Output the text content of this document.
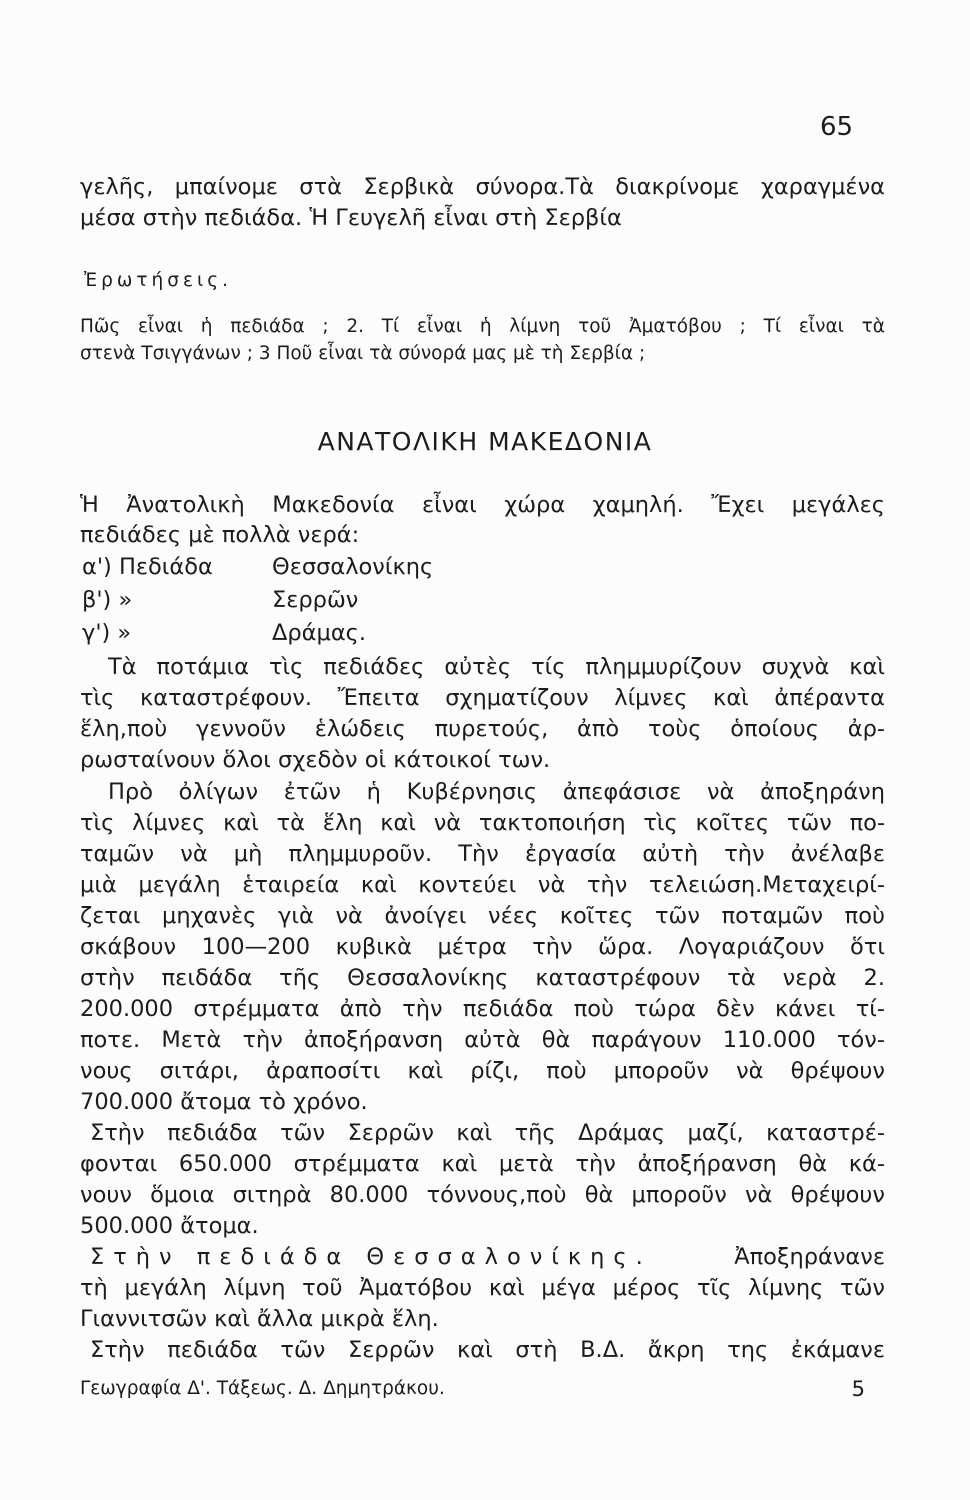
65
γελῆς, μπαίνομε στὰ Σερβικὰ σύνορα.Τὰ διακρίνομε χαραγμένα
μέσα στὴν πεδιάδα. Ἡ Γευγελῆ εἶναι στὴ Σερβία
Ἐρωτήσεις.
Πῶς εἶναι ἡ πεδιάδα ; 2. Τί εἶναι ἡ λίμνη τοῦ Ἀματόβου ; Τί εἶναι τὰ
στενὰ Τσιγγάνων ; 3 Ποῦ εἶναι τὰ σύνορά μας μὲ τὴ Σερβία ;
ΑΝΑΤΟΛΙΚΗ ΜΑΚΕΔΟΝΙΑ
Ἡ Ἀνατολικὴ Μακεδονία εἶναι χώρα χαμηλή. Ἔχει μεγάλες
πεδιάδες μὲ πολλὰ νερά:
α') Πεδιάδα	Θεσσαλονίκης
β') »	Σερρῶν
γ') »	Δράμας.
Τὰ ποτάμια τὶς πεδιάδες αὐτὲς τίς πλημμυρίζουν συχνὰ καὶ
τὶς καταστρέφουν. Ἔπειτα σχηματίζουν λίμνες καὶ ἀπέραντα
ἕλη,ποὺ γεννοῦν ἑλώδεις πυρετούς, ἀπὸ τοὺς ὁποίους ἀρ-
ρωσταίνουν ὅλοι σχεδὸν οἱ κάτοικοί των.
Πρὸ ὀλίγων ἐτῶν ἡ Κυβέρνησις ἀπεφάσισε νὰ ἀποξηράνη
τὶς λίμνες καὶ τὰ ἕλη καὶ νὰ τακτοποιήση τὶς κοῖτες τῶν πο-
ταμῶν νὰ μὴ πλημμυροῦν. Τὴν ἐργασία αὐτὴ τὴν ἀνέλαβε
μιὰ μεγάλη ἑταιρεία καὶ κοντεύει νὰ τὴν τελειώση.Μεταχειρί-
ζεται μηχανὲς γιὰ νὰ ἀνοίγει νέες κοῖτες τῶν ποταμῶν ποὺ
σκάβουν 100—200 κυβικὰ μέτρα τὴν ὥρα. Λογαριάζουν ὅτι
στὴν πειδάδα τῆς Θεσσαλονίκης καταστρέφουν τὰ νερὰ 2.
200.000 στρέμματα ἀπὸ τὴν πεδιάδα ποὺ τώρα δὲν κάνει τί-
ποτε. Μετὰ τὴν ἀποξήρανση αὐτὰ θὰ παράγουν 110.000 τόν-
νους σιτάρι, ἀραποσίτι καὶ ρίζι, ποὺ μποροῦν νὰ θρέψουν
700.000 ἄτομα τὸ χρόνο.
Στὴν πεδιάδα τῶν Σερρῶν καὶ τῆς Δράμας μαζί, καταστρέ-
φονται 650.000 στρέμματα καὶ μετὰ τὴν ἀποξήρανση θὰ κά-
νουν ὅμοια σιτηρὰ 80.000 τόννους,ποὺ θὰ μποροῦν νὰ θρέψουν
500.000 ἄτομα.
Στὴν πεδιάδα Θεσσαλονίκης.	Ἀποξηράνανε
τὴ μεγάλη λίμνη τοῦ Ἀματόβου καὶ μέγα μέρος τῖς λίμνης τῶν
Γιαννιτσῶν καὶ ἄλλα μικρὰ ἕλη.
Στὴν πεδιάδα τῶν Σερρῶν καὶ στὴ Β.Δ. ἄκρη της ἐκάμανε
Γεωγραφία Δ'. Τάξεως. Δ. Δημητράκου.	5
